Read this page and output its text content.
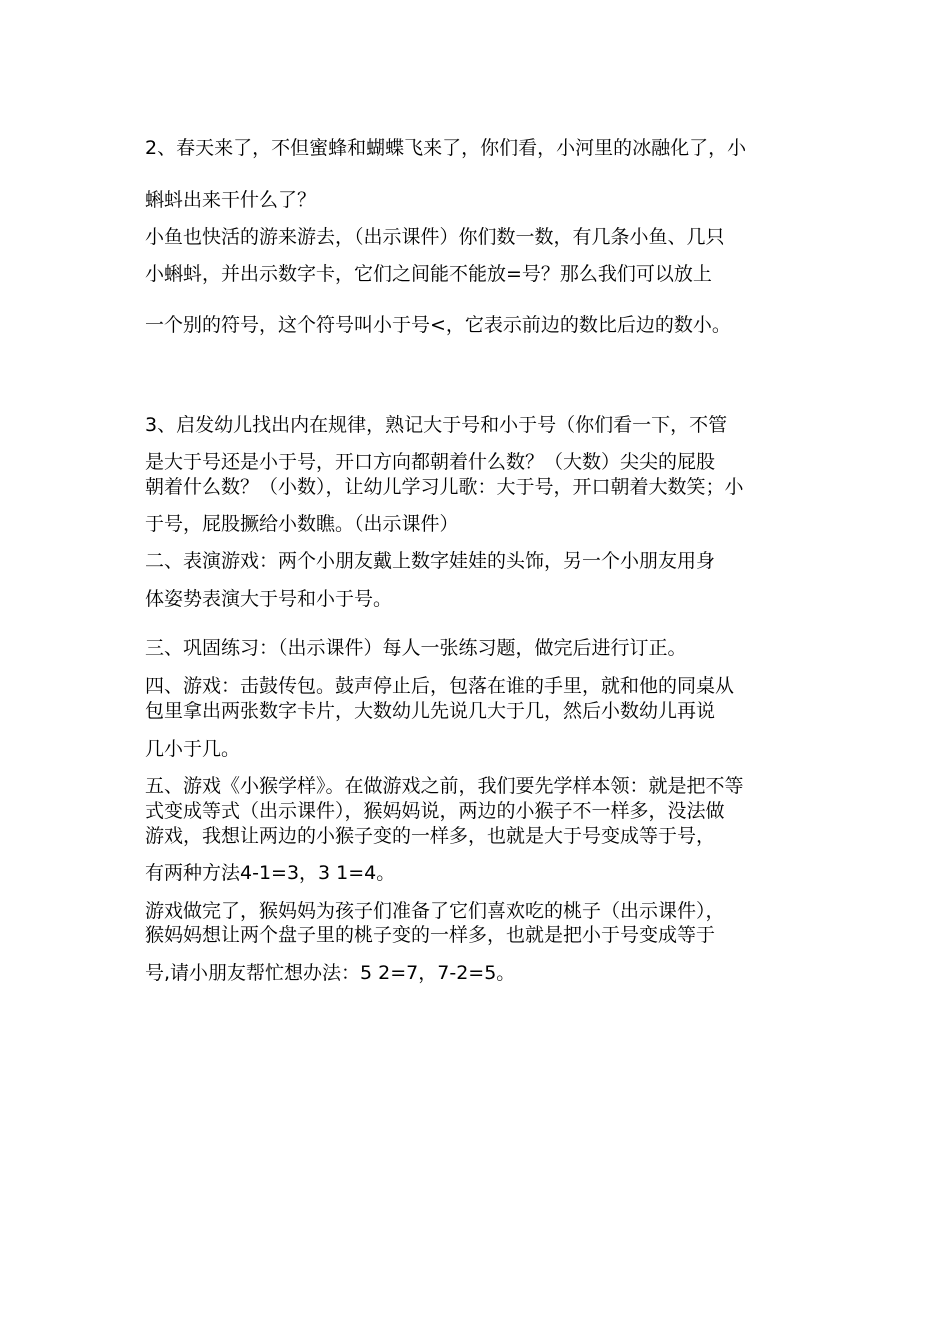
2、春天来了，不但蜜蜂和蝴蝶飞来了，你们看，小河里的冰融化了，小
蝌蚪出来干什么了？
小鱼也快活的游来游去，（出示课件）你们数一数，有几条小鱼、几只
小蝌蚪，并出示数字卡，它们之间能不能放=号？那么我们可以放上
一个别的符号，这个符号叫小于号<，它表示前边的数比后边的数小。
3、启发幼儿找出内在规律，熟记大于号和小于号（你们看一下，不管
是大于号还是小于号，开口方向都朝着什么数？（大数）尖尖的屁股
朝着什么数？（小数），让幼儿学习儿歌：大于号，开口朝着大数笑；小
于号，屁股撅给小数瞧。（出示课件）
二、表演游戏：两个小朋友戴上数字娃娃的头饰，另一个小朋友用身
体姿势表演大于号和小于号。
三、巩固练习：（出示课件）每人一张练习题，做完后进行订正。
四、游戏：击鼓传包。鼓声停止后，包落在谁的手里，就和他的同桌从
包里拿出两张数字卡片，大数幼儿先说几大于几，然后小数幼儿再说
几小于几。
五、游戏《小猴学样》。在做游戏之前，我们要先学样本领：就是把不等
式变成等式（出示课件），猴妈妈说，两边的小猴子不一样多，没法做
游戏，我想让两边的小猴子变的一样多，也就是大于号变成等于号，
有两种方法4-1=3，3 1=4。
游戏做完了，猴妈妈为孩子们准备了它们喜欢吃的桃子（出示课件），
猴妈妈想让两个盘子里的桃子变的一样多，也就是把小于号变成等于
号,请小朋友帮忙想办法：5 2=7，7-2=5。
